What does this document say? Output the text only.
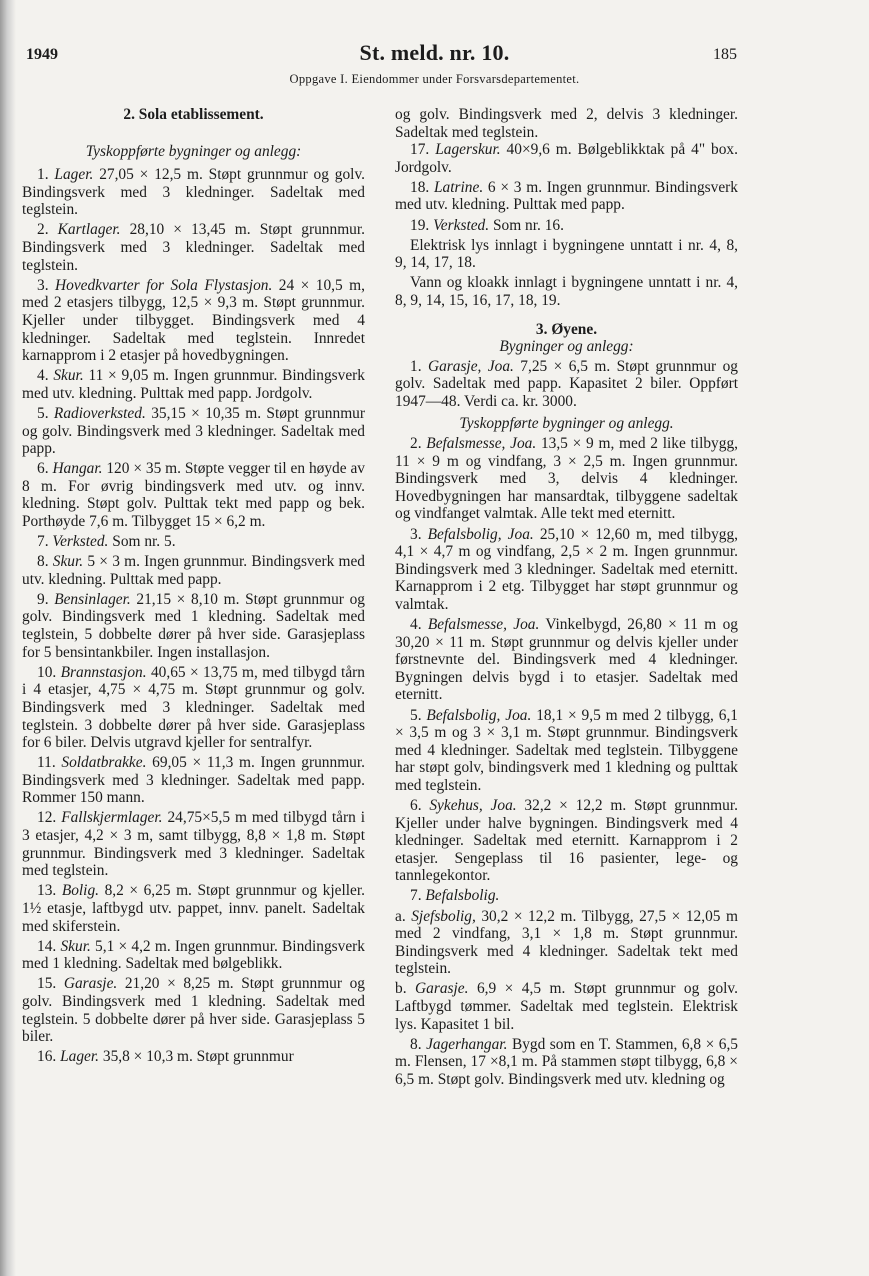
1949	St. meld. nr. 10.	185
Oppgave I. Eiendommer under Forsvarsdepartementet.

2. Sola etablissement.

Tyskoppførte bygninger og anlegg:

1. Lager. 27,05 × 12,5 m. Støpt grunnmur og golv. Bindingsverk med 3 kledninger. Sadeltak med teglstein.

2. Kartlager. 28,10 × 13,45 m. Støpt grunnmur. Bindingsverk med 3 kledninger. Sadeltak med teglstein.

3. Hovedkvarter for Sola Flystasjon. 24 × 10,5 m, med 2 etasjers tilbygg, 12,5 × 9,3 m. Støpt grunnmur. Kjeller under tilbygget. Bindingsverk med 4 kledninger. Sadeltak med teglstein. Innredet karnapprom i 2 etasjer på hovedbygningen.

4. Skur. 11 × 9,05 m. Ingen grunnmur. Bindingsverk med utv. kledning. Pulttak med papp. Jordgolv.

5. Radioverksted. 35,15 × 10,35 m. Støpt grunnmur og golv. Bindingsverk med 3 kledninger. Sadeltak med papp.

6. Hangar. 120 × 35 m. Støpte vegger til en høyde av 8 m. For øvrig bindingsverk med utv. og innv. kledning. Støpt golv. Pulttak tekt med papp og bek. Porthøyde 7,6 m. Tilbygget 15 × 6,2 m.

7. Verksted. Som nr. 5.

8. Skur. 5 × 3 m. Ingen grunnmur. Bindingsverk med utv. kledning. Pulttak med papp.

9. Bensinlager. 21,15 × 8,10 m. Støpt grunnmur og golv. Bindingsverk med 1 kledning. Sadeltak med teglstein, 5 dobbelte dører på hver side. Garasjeplass for 5 bensintankbiler. Ingen installasjon.

10. Brannstasjon. 40,65 × 13,75 m, med tilbygd tårn i 4 etasjer, 4,75 × 4,75 m. Støpt grunnmur og golv. Bindingsverk med 3 kledninger. Sadeltak med teglstein. 3 dobbelte dører på hver side. Garasjeplass for 6 biler. Delvis utgravd kjeller for sentralfyr.

11. Soldatbrakke. 69,05 × 11,3 m. Ingen grunnmur. Bindingsverk med 3 kledninger. Sadeltak med papp. Rommer 150 mann.

12. Fallskjermlager. 24,75×5,5 m med tilbygd tårn i 3 etasjer, 4,2 × 3 m, samt tilbygg, 8,8 × 1,8 m. Støpt grunnmur. Bindingsverk med 3 kledninger. Sadeltak med teglstein.

13. Bolig. 8,2 × 6,25 m. Støpt grunnmur og kjeller. 1½ etasje, laftbygd utv. pappet, innv. panelt. Sadeltak med skiferstein.

14. Skur. 5,1 × 4,2 m. Ingen grunnmur. Bindingsverk med 1 kledning. Sadeltak med bølgeblikk.

15. Garasje. 21,20 × 8,25 m. Støpt grunnmur og golv. Bindingsverk med 1 kledning. Sadeltak med teglstein. 5 dobbelte dører på hver side. Garasjeplass 5 biler.

16. Lager. 35,8 × 10,3 m. Støpt grunnmur

og golv. Bindingsverk med 2, delvis 3 kledninger. Sadeltak med teglstein.

17. Lagerskur. 40×9,6 m. Bølgeblikktak på 4" box. Jordgolv.

18. Latrine. 6 × 3 m. Ingen grunnmur. Bindingsverk med utv. kledning. Pulttak med papp.

19. Verksted. Som nr. 16.

Elektrisk lys innlagt i bygningene unntatt i nr. 4, 8, 9, 14, 17, 18.

Vann og kloakk innlagt i bygningene unntatt i nr. 4, 8, 9, 14, 15, 16, 17, 18, 19.

3. Øyene.

Bygninger og anlegg:

1. Garasje, Joa. 7,25 × 6,5 m. Støpt grunnmur og golv. Sadeltak med papp. Kapasitet 2 biler. Oppført 1947—48. Verdi ca. kr. 3000.

Tyskoppførte bygninger og anlegg.

2. Befalsmesse, Joa. 13,5 × 9 m, med 2 like tilbygg, 11 × 9 m og vindfang, 3 × 2,5 m. Ingen grunnmur. Bindingsverk med 3, delvis 4 kledninger. Hovedbygningen har mansardtak, tilbyggene sadeltak og vindfanget valmtak. Alle tekt med eternitt.

3. Befalsbolig, Joa. 25,10 × 12,60 m, med tilbygg, 4,1 × 4,7 m og vindfang, 2,5 × 2 m. Ingen grunnmur. Bindingsverk med 3 kledninger. Sadeltak med eternitt. Karnapprom i 2 etg. Tilbygget har støpt grunnmur og valmtak.

4. Befalsmesse, Joa. Vinkelbygd, 26,80 × 11 m og 30,20 × 11 m. Støpt grunnmur og delvis kjeller under førstnevnte del. Bindingsverk med 4 kledninger. Bygningen delvis bygd i to etasjer. Sadeltak med eternitt.

5. Befalsbolig, Joa. 18,1 × 9,5 m med 2 tilbygg, 6,1 × 3,5 m og 3 × 3,1 m. Støpt grunnmur. Bindingsverk med 4 kledninger. Sadeltak med teglstein. Tilbyggene har støpt golv, bindingsverk med 1 kledning og pulttak med teglstein.

6. Sykehus, Joa. 32,2 × 12,2 m. Støpt grunnmur. Kjeller under halve bygningen. Bindingsverk med 4 kledninger. Sadeltak med eternitt. Karnapprom i 2 etasjer. Sengeplass til 16 pasienter, lege- og tannlegekontor.

7. Befalsbolig.

a. Sjefsbolig, 30,2 × 12,2 m. Tilbygg, 27,5 × 12,05 m med 2 vindfang, 3,1 × 1,8 m. Støpt grunnmur. Bindingsverk med 4 kledninger. Sadeltak tekt med teglstein.

b. Garasje. 6,9 × 4,5 m. Støpt grunnmur og golv. Laftbygd tømmer. Sadeltak med teglstein. Elektrisk lys. Kapasitet 1 bil.

8. Jagerhangar. Bygd som en T. Stammen, 6,8 × 6,5 m. Flensen, 17 ×8,1 m. På stammen støpt tilbygg, 6,8 × 6,5 m. Støpt golv. Bindingsverk med utv. kledning og
